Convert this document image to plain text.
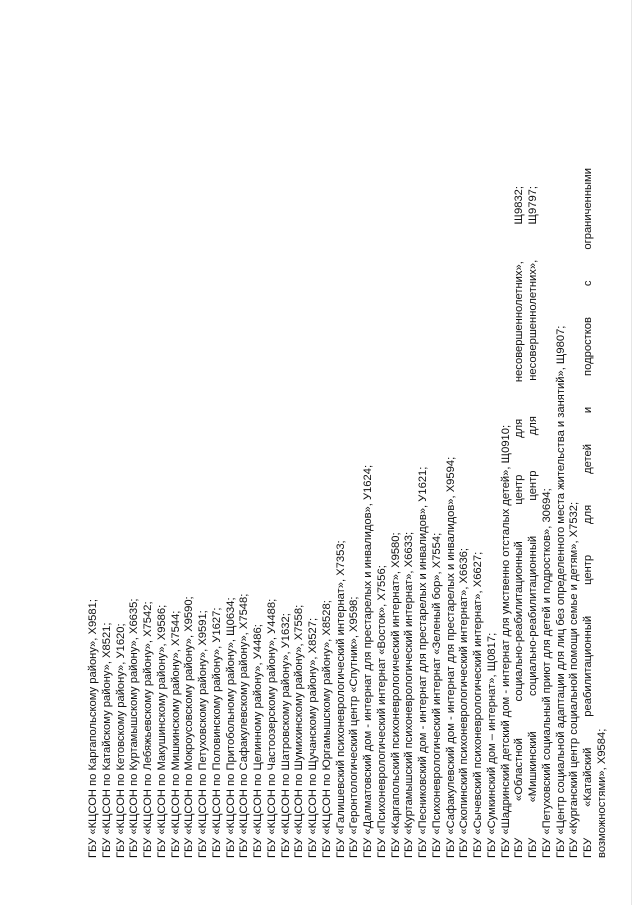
ГБУ «КЦСОН по Каргапольскому району», Х9581; ГБУ «КЦСОН по Катайскому району», Х8521; ГБУ «КЦСОН по Кетовскому району», У1620; ГБУ «КЦСОН по Куртамышскому району», Х6635; ГБУ «КЦСОН по Лебяжьевскому району», Х7542; ГБУ «КЦСОН по Макушинскому району», Х9586; ГБУ «КЦСОН по Мишкинскому району», Х7544; ГБУ «КЦСОН по Мокроусовскому району», Х9590; ГБУ «КЦСОН по Петуховскому району», Х9591; ГБУ «КЦСОН по Половинскому району», У1627; ГБУ «КЦСОН по Притобольному району», Щ0634; ГБУ «КЦСОН по Сафакулевскому району», Х7548; ГБУ «КЦСОН по Целинному району», У4486; ГБУ «КЦСОН по Частоозерскому району», У4488; ГБУ «КЦСОН по Шатровскому району», У1632; ГБУ «КЦСОН по Шумихинскому району», Х7558; ГБУ «КЦСОН по Щучанскому району», Х8527; ГБУ «КЦСОН по Юргамышскому району», Х8528; ГБУ «Галишевский психоневрологический интернат», Х7353; ГБУ «Геронтологический центр «Спутник», Х9598; ГБУ «Далматовский дом - интернат для престарелых и инвалидов», У1624; ГБУ «Психоневрологический интернат «Восток», Х7556; ГБУ «Каргапольский психоневрологический интернат», Х9580; ГБУ «Куртамышский психоневрологический интернат», Х6633; ГБУ «Песниковский дом - интернат для престарелых и инвалидов», У1621; ГБУ «Психоневрологический интернат «Зеленый бор», Х7554; ГБУ «Сафакулевский дом - интернат для престарелых и инвалидов», Х9594; ГБУ «Скопинский психоневрологический интернат», Х6636; ГБУ «Сычевский психоневрологический интернат», Х6627; ГБУ «Сумкинский дом – интернат», Щ0817; ГБУ «Шадринский детский дом - интернат для умственно отсталых детей», Щ0910; ГБУ «Областной социально-реабилитационный центр для несовершеннолетних», Щ9832; ГБУ «Мишкинский социально-реабилитационный центр для несовершеннолетних», Щ9797; ГБУ «Петуховский социальный приют для детей и подростков», 30694; ГБУ «Центр социальной адаптации для лиц без определенного места жительства и занятий», Щ9807; ГБУ «Курганский центр социальной помощи семье и детям», Х7532; ГБУ «Катайский реабилитационный центр для детей и подростков с ограниченными возможностями», Х9584;
